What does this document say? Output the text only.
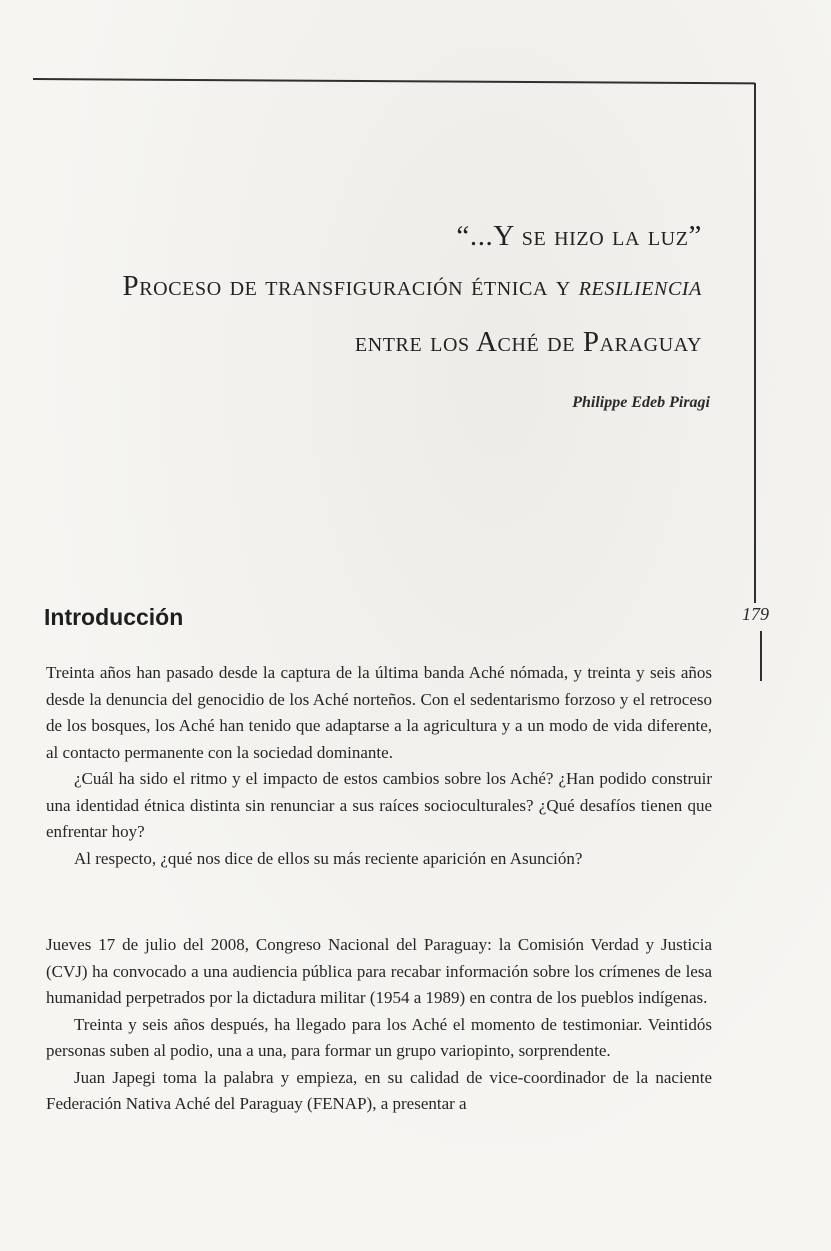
179
“...Y se hizo la luz”
Proceso de transfiguración étnica y resiliencia
entre los Aché de Paraguay
Philippe Edeb Piragi
Introducción

Treinta años han pasado desde la captura de la última banda Aché nómada, y treinta y seis años desde la denuncia del genocidio de los Aché norteños. Con el sedentarismo forzoso y el retroceso de los bosques, los Aché han tenido que adaptarse a la agricultura y a un modo de vida diferente, al contacto permanente con la sociedad dominante.

¿Cuál ha sido el ritmo y el impacto de estos cambios sobre los Aché? ¿Han podido construir una identidad étnica distinta sin renunciar a sus raíces socioculturales? ¿Qué desafíos tienen que enfrentar hoy?

Al respecto, ¿qué nos dice de ellos su más reciente aparición en Asunción?

Jueves 17 de julio del 2008, Congreso Nacional del Paraguay: la Comisión Verdad y Justicia (CVJ) ha convocado a una audiencia pública para recabar información sobre los crímenes de lesa humanidad perpetrados por la dictadura militar (1954 a 1989) en contra de los pueblos indígenas.

Treinta y seis años después, ha llegado para los Aché el momento de testimoniar. Veintidós personas suben al podio, una a una, para formar un grupo variopinto, sorprendente.

Juan Japegi toma la palabra y empieza, en su calidad de vice-coordinador de la naciente Federación Nativa Aché del Paraguay (FENAP), a presentar a
